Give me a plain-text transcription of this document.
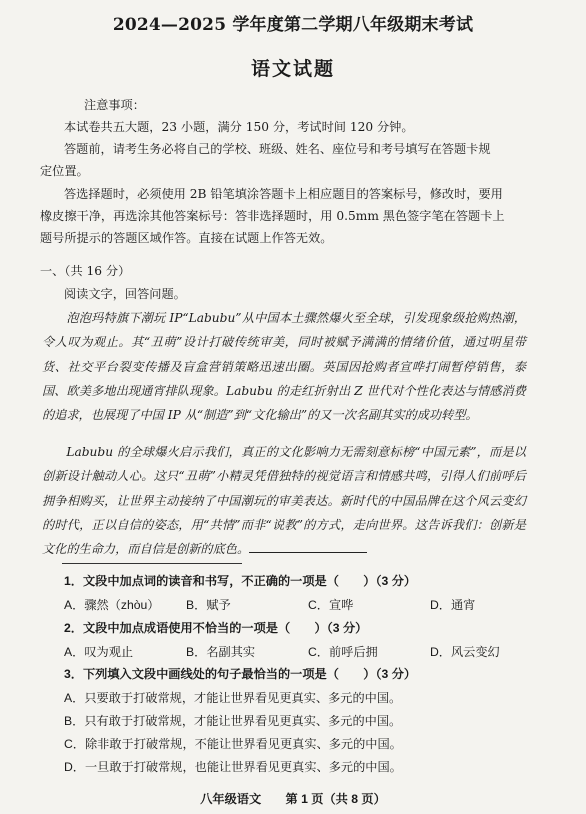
2024—2025 学年度第二学期八年级期末考试
语文试题
注意事项：
本试卷共五大题，23 小题，满分 150 分，考试时间 120 分钟。
答题前，请考生务必将自己的学校、班级、姓名、座位号和考号填写在答题卡规
定位置。
答选择题时，必须使用 2B 铅笔填涂答题卡上相应题目的答案标号，修改时，要用
橡皮擦干净，再选涂其他答案标号：答非选择题时，用 0.5mm 黑色签字笔在答题卡上
题号所提示的答题区域作答。直接在试题上作答无效。
一、（共 16 分）
阅读文字，回答问题。
泡泡玛特旗下潮玩 IP“Labubu”从中国本土骤然爆火至全球，引发现象级抢购热潮，令人叹为观止。其“丑萌”设计打破传统审美，同时被赋予满满的情绪价值，通过明星带货、社交平台裂变传播及盲盒营销策略迅速出圈。英国因抢购者宣哗打闹暂停销售，泰国、欧美多地出现通宵排队现象。Labubu 的走红折射出 Z 世代对个性化表达与情感消费的追求，也展现了中国 IP 从“制造”到“文化输出”的又一次名副其实的成功转型。
Labubu 的全球爆火启示我们，真正的文化影响力无需刻意标榜“中国元素”，而是以创新设计触动人心。这只“丑萌”小精灵凭借独特的视觉语言和情感共鸣，引得人们前呼后拥争相购买，让世界主动接纳了中国潮玩的审美表达。新时代的中国品牌在这个风云变幻的时代，正以自信的姿态，用“共情”而非“说教”的方式，走向世界。这告诉我们：创新是文化的生命力，而自信是创新的底色。
1．文段中加点词的读音和书写，不正确的一项是（　　）（3 分）
A．骤然（zhòu）	B．赋予	C．宣哗	D．通宵
2．文段中加点成语使用不恰当的一项是（　　）（3 分）
A．叹为观止	B．名副其实	C．前呼后拥	D．风云变幻
3．下列填入文段中画线处的句子最恰当的一项是（　　）（3 分）
A．只要敢于打破常规，才能让世界看见更真实、多元的中国。
B．只有敢于打破常规，才能让世界看见更真实、多元的中国。
C．除非敢于打破常规，不能让世界看见更真实、多元的中国。
D．一旦敢于打破常规，也能让世界看见更真实、多元的中国。
八年级语文　　第 1 页（共 8 页）
